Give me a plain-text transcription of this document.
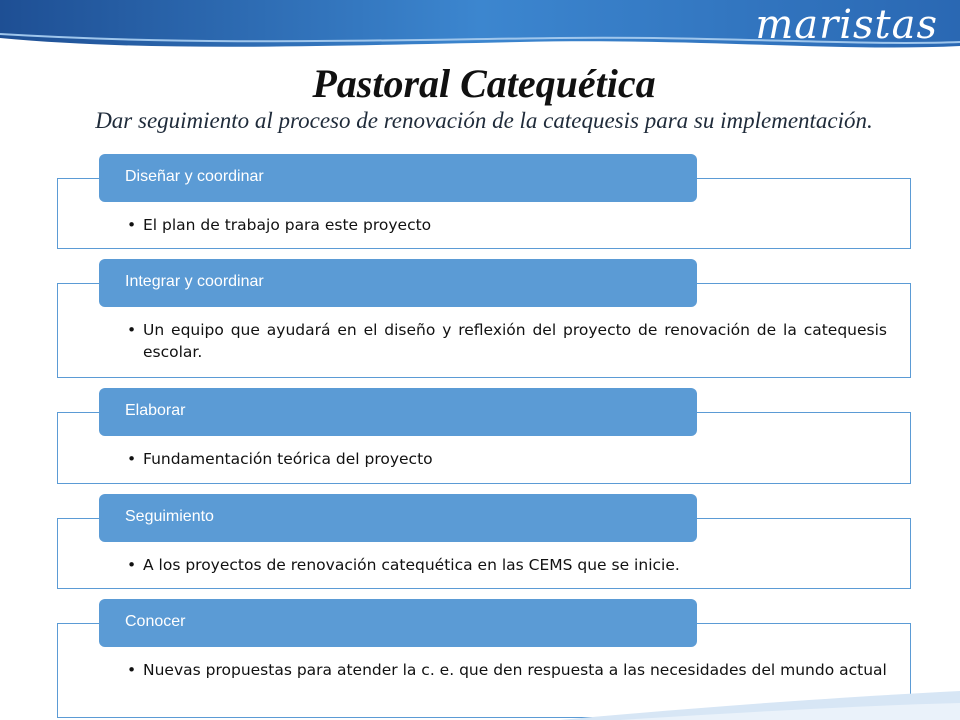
maristas
Pastoral Catequética

Dar seguimiento al proceso de renovación de la catequesis para su implementación.

Diseñar y coordinar
• El plan de trabajo para este proyecto
Integrar y coordinar
• Un equipo que ayudará en el diseño y reflexión del proyecto de renovación de la catequesis escolar.
Elaborar
• Fundamentación teórica del proyecto
Seguimiento
• A los proyectos de renovación catequética en las CEMS que se inicie.
Conocer
• Nuevas propuestas para atender la c. e. que den respuesta a las necesidades del mundo actual
